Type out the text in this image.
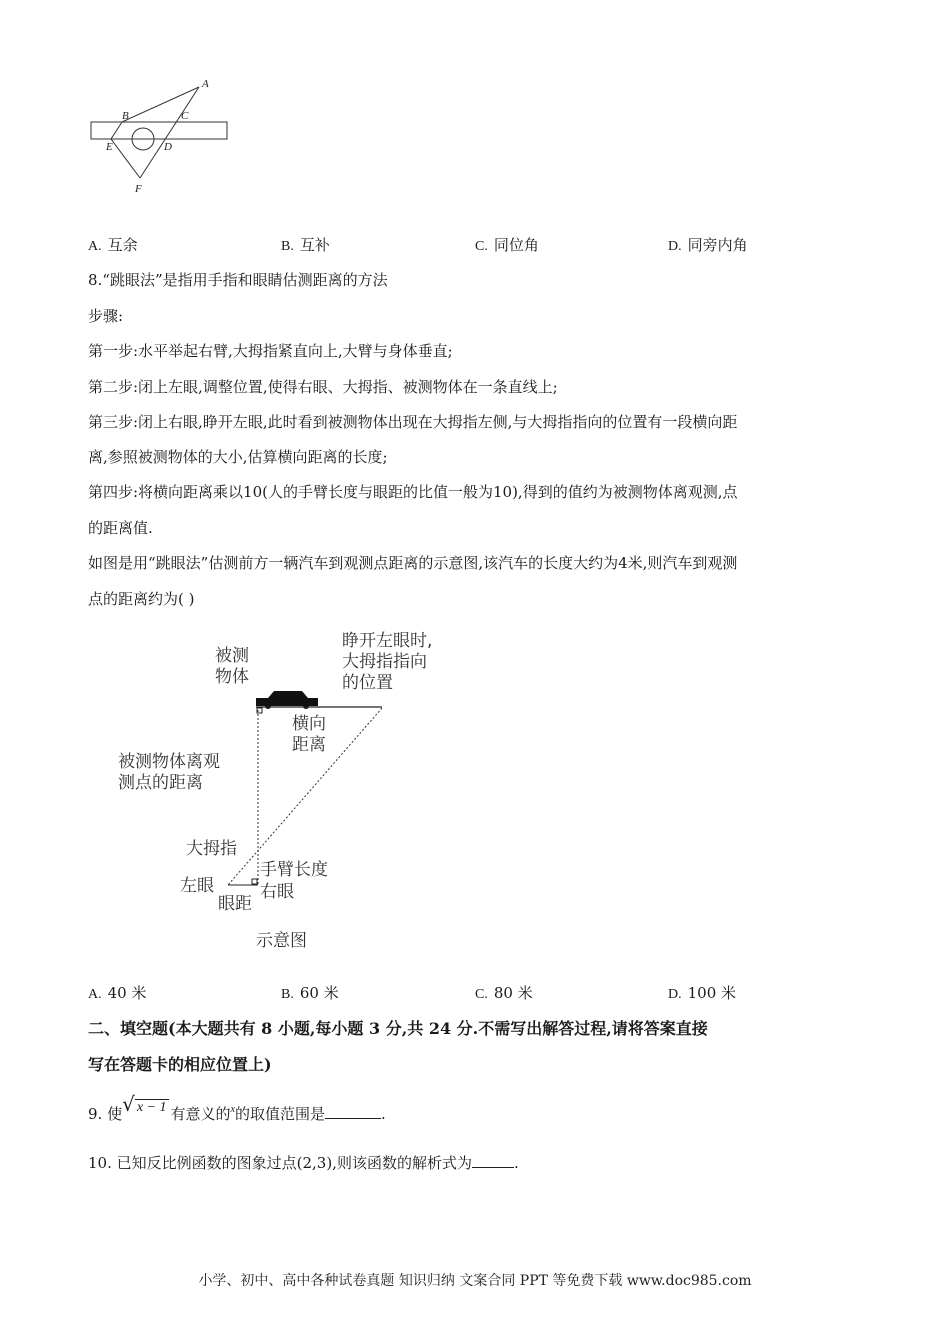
A
B	C
D
E
F
A. 互余	B. 互补	C. 同位角	D. 同旁内角
8.“跳眼法”是指用手指和眼睛估测距离的方法
步骤:
第一步:水平举起右臂,大拇指紧直向上,大臂与身体垂直;
第二步:闭上左眼,调整位置,使得右眼、大拇指、被测物体在一条直线上;
第三步:闭上右眼,睁开左眼,此时看到被测物体出现在大拇指左侧,与大拇指指向的位置有一段横向距
离,参照被测物体的大小,估算横向距离的长度;
第四步:将横向距离乘以10(人的手臂长度与眼距的比值一般为10),得到的值约为被测物体离观测,点
的距离值.
如图是用“跳眼法”估测前方一辆汽车到观测点距离的示意图,该汽车的长度大约为4米,则汽车到观测
点的距离约为( )
被测
物体
睁开左眼时,
大拇指指向
的位置
横向
距离
被测物体离观
测点的距离
大拇指
左眼
手臂长度
右眼
眼距
示意图
A. 40 米	B. 60 米	C. 80 米	D. 100 米
二、填空题(本大题共有 8 小题,每小题 3 分,共 24 分.不需写出解答过程,请将答案直接
写在答题卡的相应位置上)
9. 使√ x − 1 有意义的$^x$的取值范围是	.
10. 已知反比例函数的图象过点(2,3),则该函数的解析式为	.
小学、初中、高中各种试卷真题 知识归纳 文案合同 PPT 等免费下载 www.doc985.com
